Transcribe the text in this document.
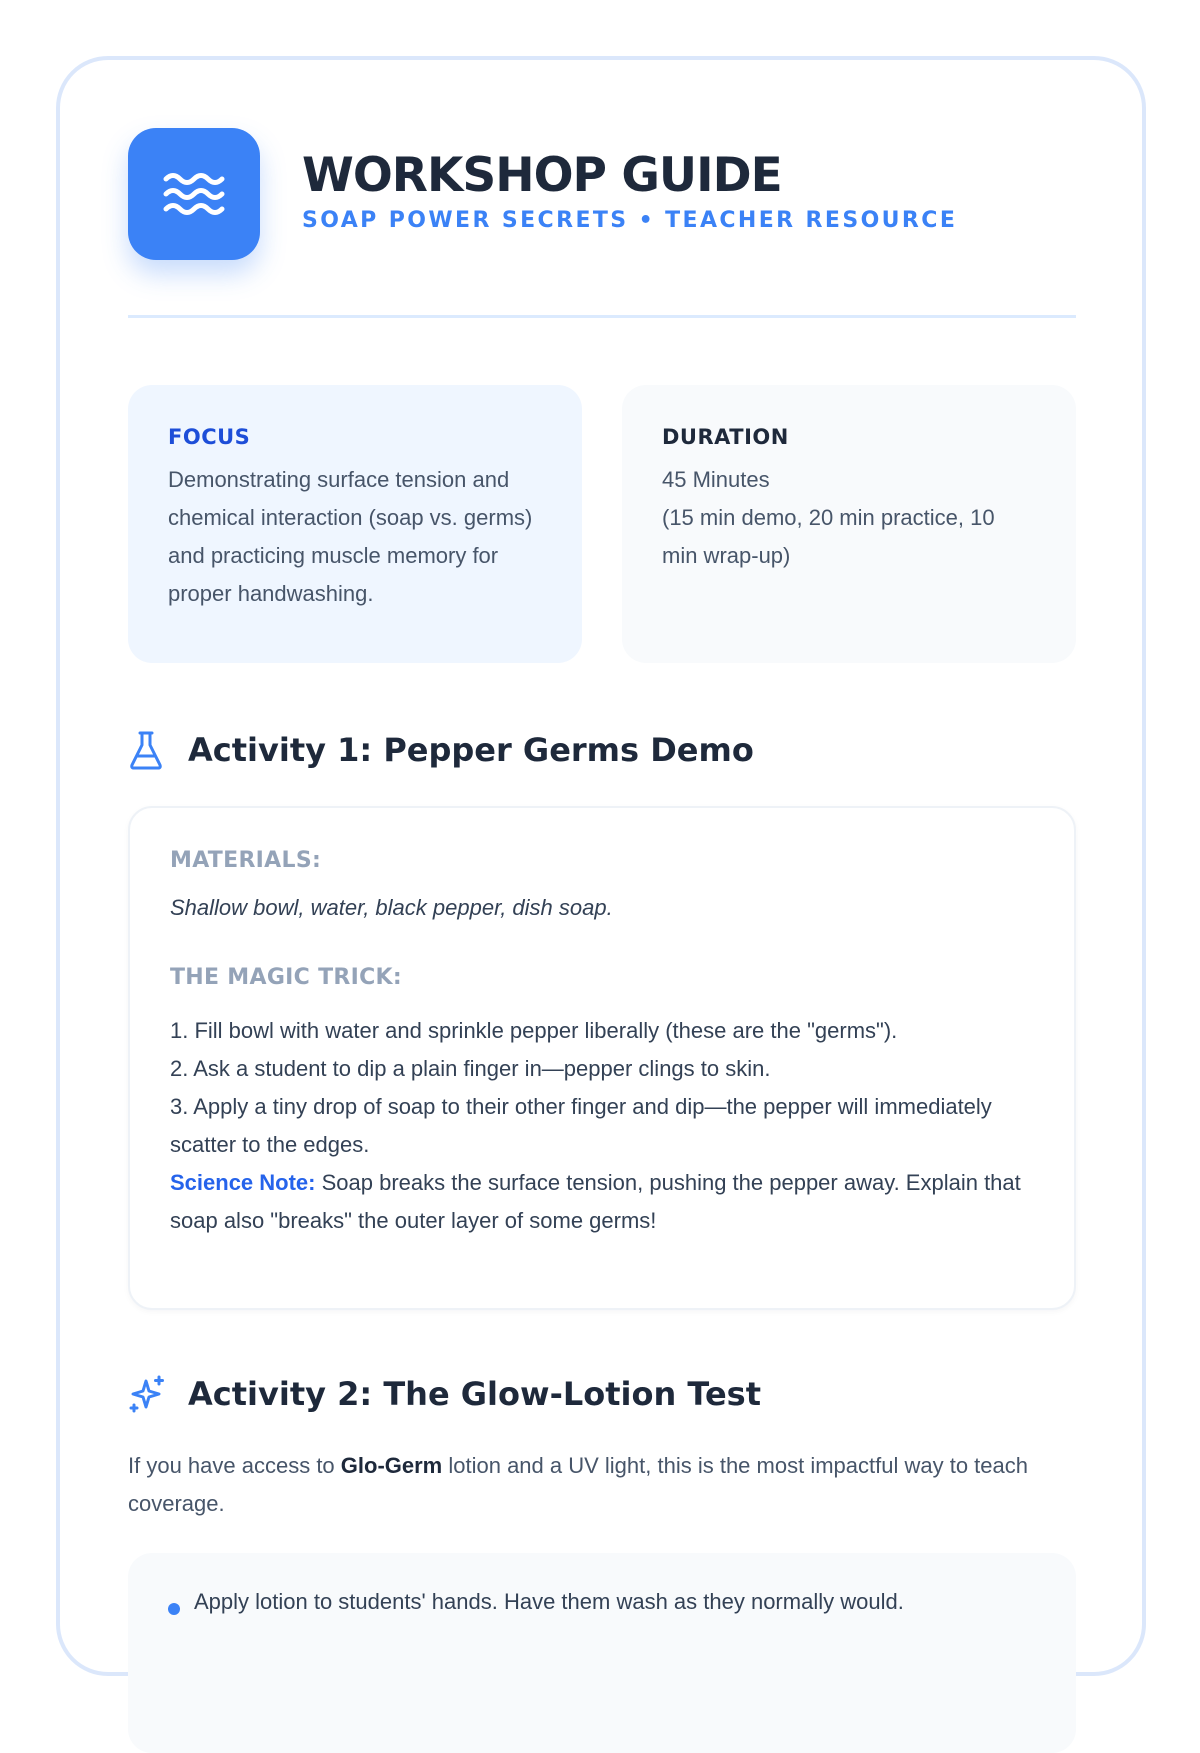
WORKSHOP GUIDE
SOAP POWER SECRETS • TEACHER RESOURCE
FOCUS
Demonstrating surface tension and chemical interaction (soap vs. germs) and practicing muscle memory for proper handwashing.
DURATION
45 Minutes
(15 min demo, 20 min practice, 10 min wrap-up)
Activity 1: Pepper Germs Demo
MATERIALS:
Shallow bowl, water, black pepper, dish soap.
THE MAGIC TRICK:
1. Fill bowl with water and sprinkle pepper liberally (these are the "germs").
2. Ask a student to dip a plain finger in—pepper clings to skin.
3. Apply a tiny drop of soap to their other finger and dip—the pepper will immediately scatter to the edges.
Science Note: Soap breaks the surface tension, pushing the pepper away. Explain that soap also "breaks" the outer layer of some germs!
Activity 2: The Glow-Lotion Test
If you have access to Glo-Germ lotion and a UV light, this is the most impactful way to teach coverage.
Apply lotion to students' hands. Have them wash as they normally would.
